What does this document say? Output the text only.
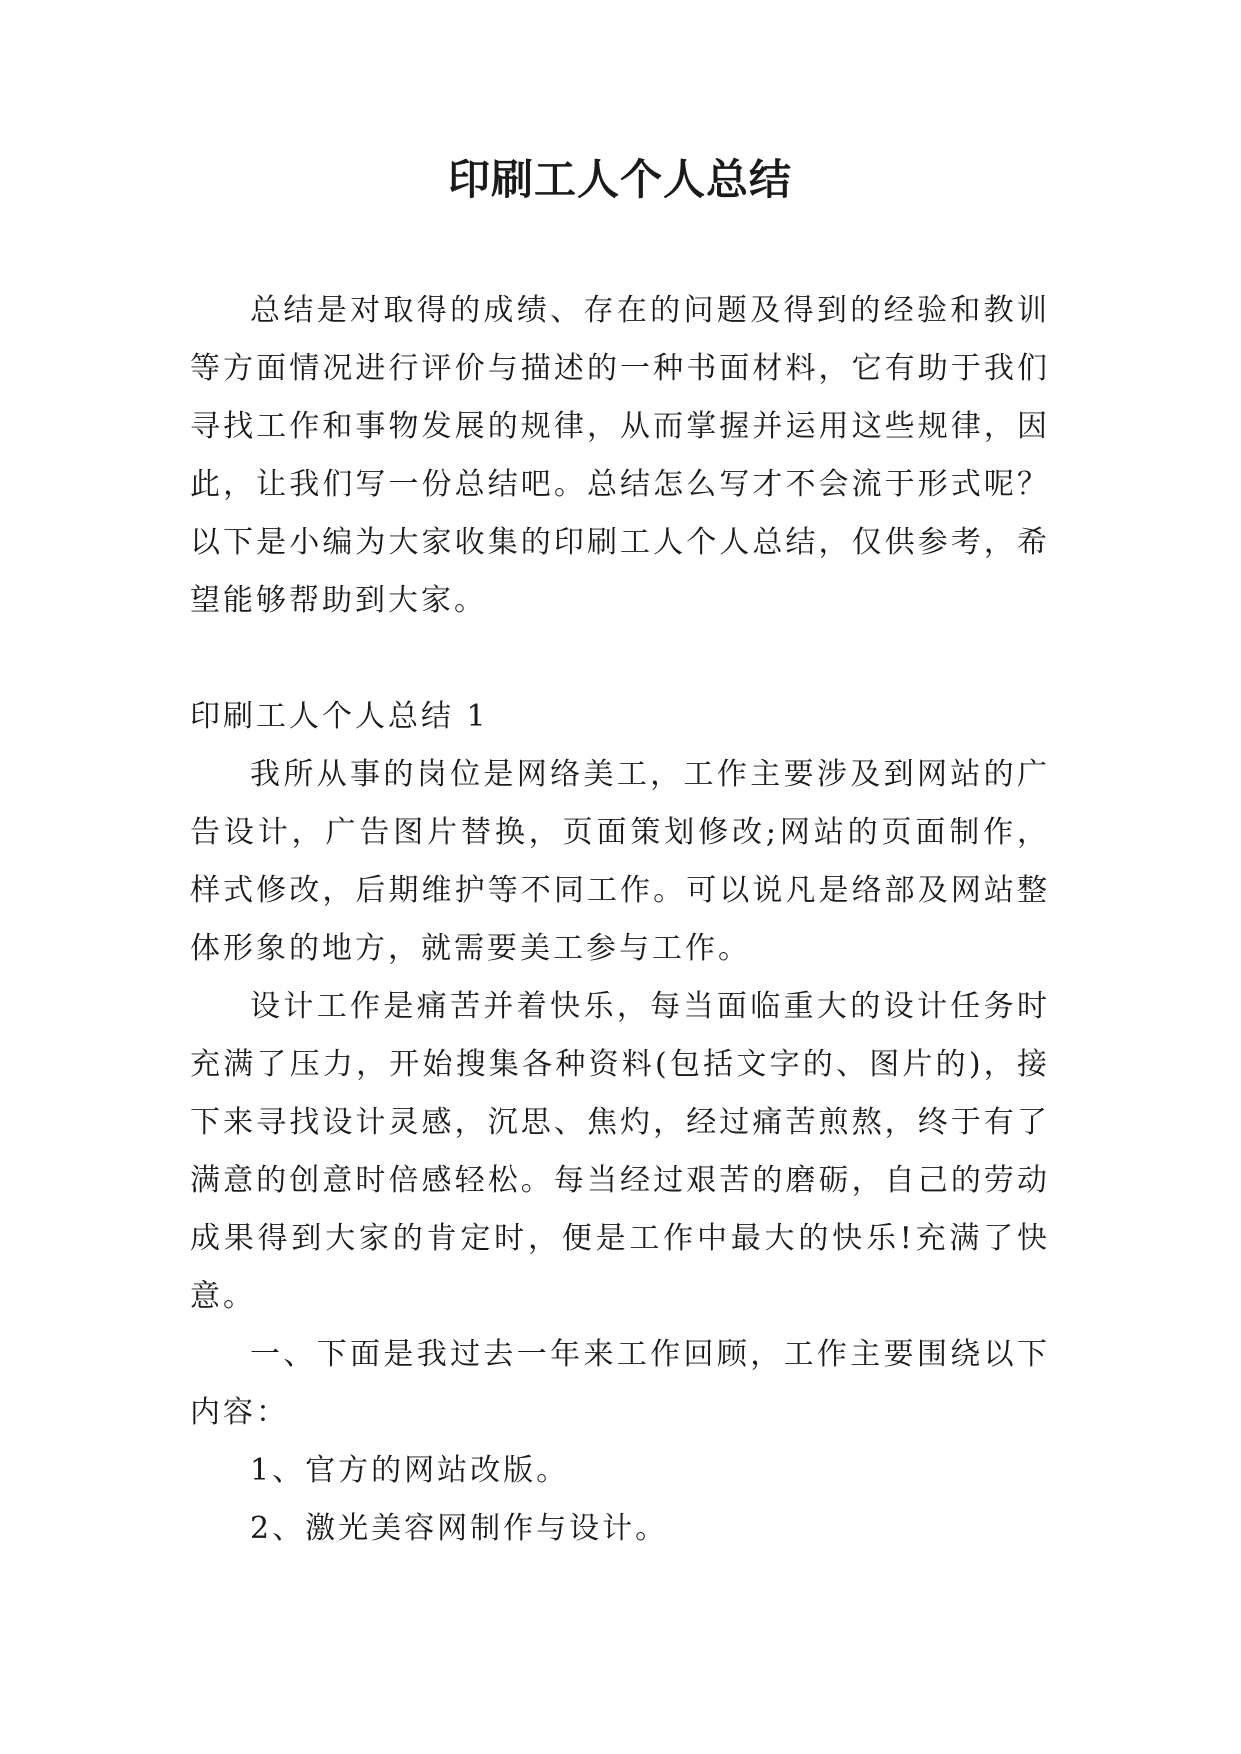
印刷工人个人总结

总结是对取得的成绩、存在的问题及得到的经验和教训等方面情况进行评价与描述的一种书面材料，它有助于我们寻找工作和事物发展的规律，从而掌握并运用这些规律，因此，让我们写一份总结吧。总结怎么写才不会流于形式呢？以下是小编为大家收集的印刷工人个人总结，仅供参考，希望能够帮助到大家。

印刷工人个人总结 1

我所从事的岗位是网络美工，工作主要涉及到网站的广告设计，广告图片替换，页面策划修改;网站的页面制作，样式修改，后期维护等不同工作。可以说凡是络部及网站整体形象的地方，就需要美工参与工作。

设计工作是痛苦并着快乐，每当面临重大的设计任务时充满了压力，开始搜集各种资料(包括文字的、图片的)，接下来寻找设计灵感，沉思、焦灼，经过痛苦煎熬，终于有了满意的创意时倍感轻松。每当经过艰苦的磨砺，自己的劳动成果得到大家的肯定时，便是工作中最大的快乐!充满了快意。

一、下面是我过去一年来工作回顾，工作主要围绕以下内容：

1、官方的网站改版。

2、激光美容网制作与设计。
